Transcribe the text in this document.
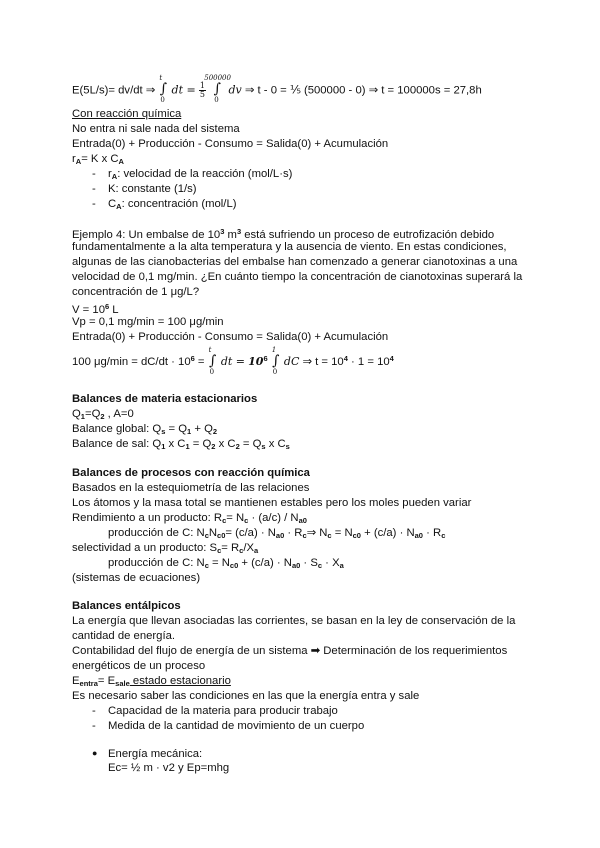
E(5L/s)= dv/dt ⇒ ∫
t
0
dt = $\frac{1}{5}$ ∫
500000
0
dv ⇒ t - 0 = ⅕ (500000 - 0) ⇒ t = 100000s = 27,8h
Con reacción química
No entra ni sale nada del sistema
Entrada(0) + Producción - Consumo = Salida(0) + Acumulación
$r_A= K$ x $C_A$
- $r_A$: velocidad de la reacción (mol/L·s)
- K: constante (1/s)
- $C_A$: concentración (mol/L)
Ejemplo 4: Un embalse de $10^3$ $m^3$ está sufriendo un proceso de eutrofización debido
fundamentalmente a la alta temperatura y la ausencia de viento. En estas condiciones,
algunas de las cianobacterias del embalse han comenzado a generar cianotoxinas a una
velocidad de 0,1 mg/min. ¿En cuánto tiempo la concentración de cianotoxinas superará la
concentración de 1 μg/L?
$V = 10^6$ L
Vp = 0,1 mg/min = 100 μg/min
Entrada(0) + Producción - Consumo = Salida(0) + Acumulación
100 $\mu g/\min = dC/dt \cdot 10^6$ = ∫
t
0
dt = $10^6$ ∫
1
0
dC ⇒ $t = 10^4 \cdot 1 = 10^4$
Balances de materia estacionarios
$Q_1=Q_2$ , A=0
Balance global: $Q_s = Q_1 + Q_2$
Balance de sal: $Q_1$ x $C_1 = Q_2$ x $C_2 = Q_s$ x $C_s$
Balances de procesos con reacción química
Basados en la estequiometría de las relaciones
Los átomos y la masa total se mantienen estables pero los moles pueden variar
Rendimiento a un producto: $R_c= N_c \cdot (a/c) / N_{a0}$
producción de C: $N_cN_{c0}= (c/a) \cdot N_{a0}$ · $R_c\Rightarrow$ $N_c = N_{c0} + (c/a) \cdot N_{a0} \cdot R_c$
selectividad a un producto: $S_c= R_c/X_a$
producción de C: $N_c = N_{c0} + (c/a) \cdot N_{a0} \cdot S_c \cdot X_a$
(sistemas de ecuaciones)
Balances entálpicos
La energía que llevan asociadas las corrientes, se basan en la ley de conservación de la
cantidad de energía.
Contabilidad del flujo de energía de un sistema ➡ Determinación de los requerimientos
energéticos de un proceso
$E_{entra}= E_{sale}$ estado estacionario
Es necesario saber las condiciones en las que la energía entra y sale
- Capacidad de la materia para producir trabajo
- Medida de la cantidad de movimiento de un cuerpo
● Energía mecánica:
Ec= ½ m · v2 y Ep=mhg
